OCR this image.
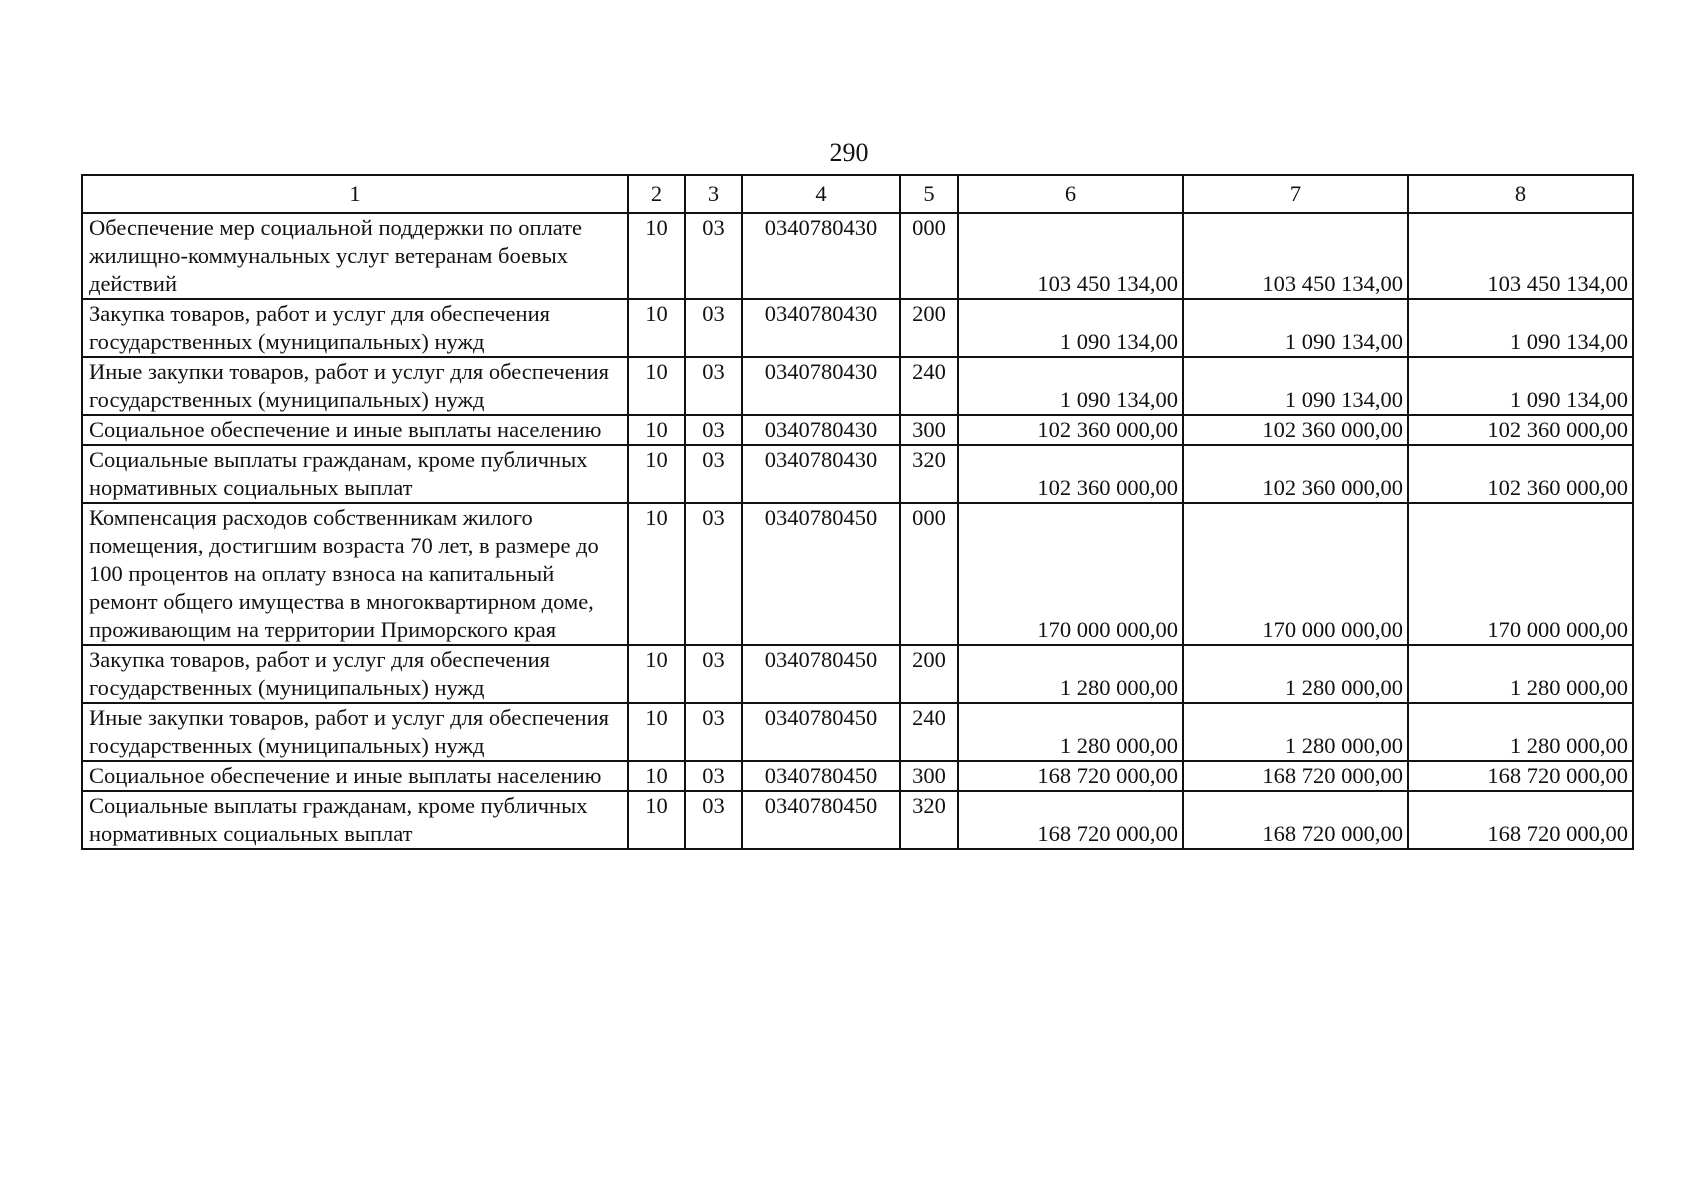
290
1	2	3	4	5	6	7	8
Обеспечение мер социальной поддержки по оплате жилищно-коммунальных услуг ветеранам боевых действий	10	03	0340780430	000	103 450 134,00	103 450 134,00	103 450 134,00
Закупка товаров, работ и услуг для обеспечения государственных (муниципальных) нужд	10	03	0340780430	200	1 090 134,00	1 090 134,00	1 090 134,00
Иные закупки товаров, работ и услуг для обеспечения государственных (муниципальных) нужд	10	03	0340780430	240	1 090 134,00	1 090 134,00	1 090 134,00
Социальное обеспечение и иные выплаты населению	10	03	0340780430	300	102 360 000,00	102 360 000,00	102 360 000,00
Социальные выплаты гражданам, кроме публичных нормативных социальных выплат	10	03	0340780430	320	102 360 000,00	102 360 000,00	102 360 000,00
Компенсация расходов собственникам жилого помещения, достигшим возраста 70 лет, в размере до 100 процентов на оплату взноса на капитальный ремонт общего имущества в многоквартирном доме, проживающим на территории Приморского края	10	03	0340780450	000	170 000 000,00	170 000 000,00	170 000 000,00
Закупка товаров, работ и услуг для обеспечения государственных (муниципальных) нужд	10	03	0340780450	200	1 280 000,00	1 280 000,00	1 280 000,00
Иные закупки товаров, работ и услуг для обеспечения государственных (муниципальных) нужд	10	03	0340780450	240	1 280 000,00	1 280 000,00	1 280 000,00
Социальное обеспечение и иные выплаты населению	10	03	0340780450	300	168 720 000,00	168 720 000,00	168 720 000,00
Социальные выплаты гражданам, кроме публичных нормативных социальных выплат	10	03	0340780450	320	168 720 000,00	168 720 000,00	168 720 000,00
